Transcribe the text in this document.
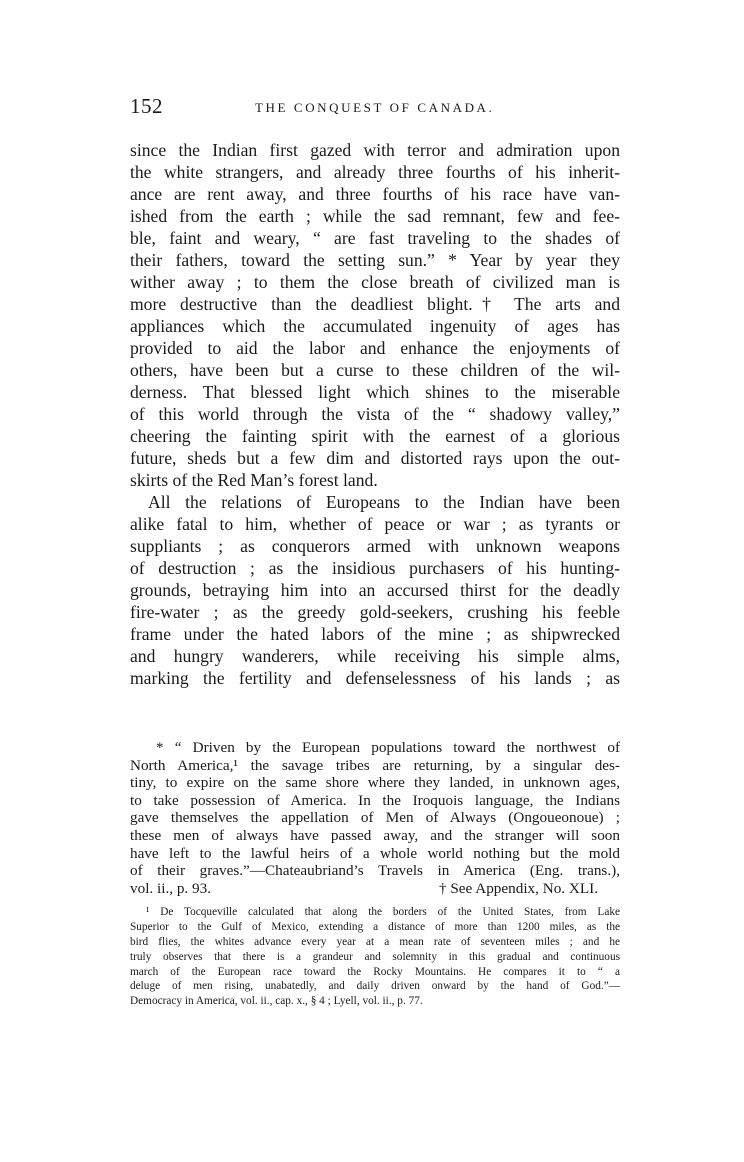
152	THE CONQUEST OF CANADA.
since the Indian first gazed with terror and admiration upon
the white strangers, and already three fourths of his inherit-
ance are rent away, and three fourths of his race have van-
ished from the earth ; while the sad remnant, few and fee-
ble, faint and weary, “ are fast traveling to the shades of
their fathers, toward the setting sun.” * Year by year they
wither away ; to them the close breath of civilized man is
more destructive than the deadliest blight.† The arts and
appliances which the accumulated ingenuity of ages has
provided to aid the labor and enhance the enjoyments of
others, have been but a curse to these children of the wil-
derness. That blessed light which shines to the miserable
of this world through the vista of the “ shadowy valley,”
cheering the fainting spirit with the earnest of a glorious
future, sheds but a few dim and distorted rays upon the out-
skirts of the Red Man’s forest land.
All the relations of Europeans to the Indian have been
alike fatal to him, whether of peace or war ; as tyrants or
suppliants ; as conquerors armed with unknown weapons
of destruction ; as the insidious purchasers of his hunting-
grounds, betraying him into an accursed thirst for the deadly
fire-water ; as the greedy gold-seekers, crushing his feeble
frame under the hated labors of the mine ; as shipwrecked
and hungry wanderers, while receiving his simple alms,
marking the fertility and defenselessness of his lands ; as
* “ Driven by the European populations toward the northwest of
North America,¹ the savage tribes are returning, by a singular des-
tiny, to expire on the same shore where they landed, in unknown ages,
to take possession of America. In the Iroquois language, the Indians
gave themselves the appellation of Men of Always (Ongoueonoue) ;
these men of always have passed away, and the stranger will soon
have left to the lawful heirs of a whole world nothing but the mold
of their graves.”—Chateaubriand’s Travels in America (Eng. trans.),
vol. ii., p. 93.	† See Appendix, No. XLI.
¹ De Tocqueville calculated that along the borders of the United States, from Lake
Superior to the Gulf of Mexico, extending a distance of more than 1200 miles, as the
bird flies, the whites advance every year at a mean rate of seventeen miles ; and he
truly observes that there is a grandeur and solemnity in this gradual and continuous
march of the European race toward the Rocky Mountains. He compares it to “ a
deluge of men rising, unabatedly, and daily driven onward by the hand of God.”—
Democracy in America, vol. ii., cap. x., § 4 ; Lyell, vol. ii., p. 77.
